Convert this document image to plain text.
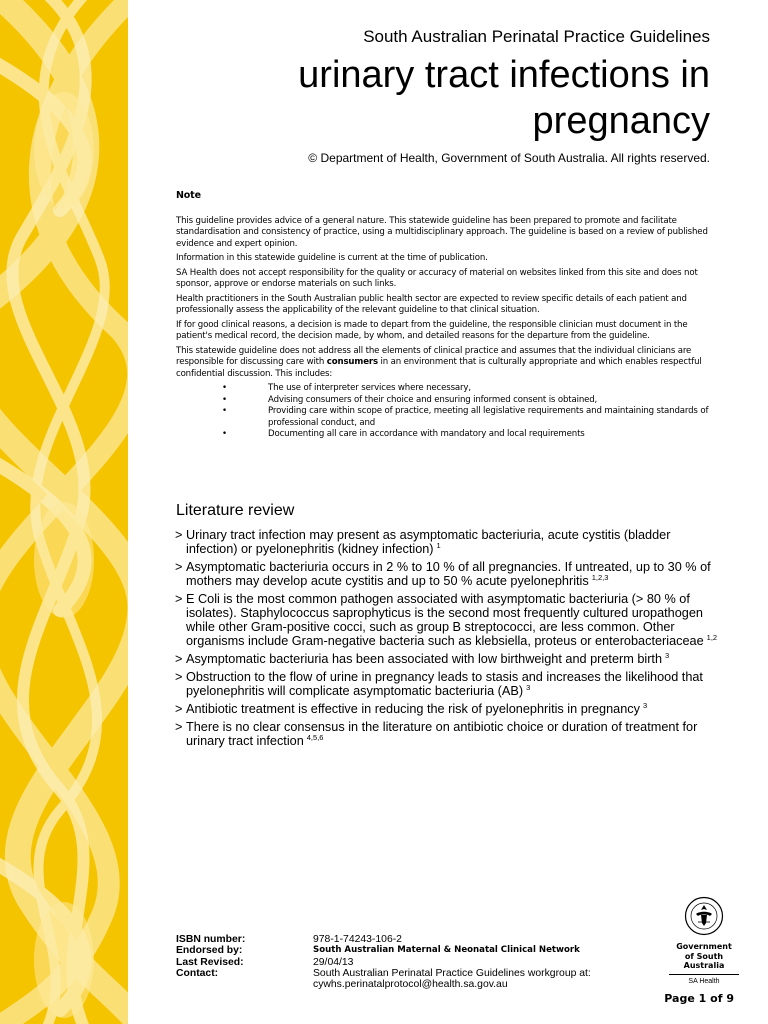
South Australian Perinatal Practice Guidelines
urinary tract infections in pregnancy
© Department of Health, Government of South Australia. All rights reserved.
Note

This guideline provides advice of a general nature. This statewide guideline has been prepared to promote and facilitate standardisation and consistency of practice, using a multidisciplinary approach. The guideline is based on a review of published evidence and expert opinion.

Information in this statewide guideline is current at the time of publication.

SA Health does not accept responsibility for the quality or accuracy of material on websites linked from this site and does not sponsor, approve or endorse materials on such links.

Health practitioners in the South Australian public health sector are expected to review specific details of each patient and professionally assess the applicability of the relevant guideline to that clinical situation.

If for good clinical reasons, a decision is made to depart from the guideline, the responsible clinician must document in the patient's medical record, the decision made, by whom, and detailed reasons for the departure from the guideline.

This statewide guideline does not address all the elements of clinical practice and assumes that the individual clinicians are responsible for discussing care with consumers in an environment that is culturally appropriate and which enables respectful confidential discussion. This includes:

•	The use of interpreter services where necessary,
•	Advising consumers of their choice and ensuring informed consent is obtained,
•	Providing care within scope of practice, meeting all legislative requirements and maintaining standards of professional conduct, and
•	Documenting all care in accordance with mandatory and local requirements
Literature review
> Urinary tract infection may present as asymptomatic bacteriuria, acute cystitis (bladder infection) or pyelonephritis (kidney infection) $^1$
> Asymptomatic bacteriuria occurs in 2 % to 10 % of all pregnancies. If untreated, up to 30 % of mothers may develop acute cystitis and up to 50 % acute pyelonephritis $^{1,2,3}$
> E Coli is the most common pathogen associated with asymptomatic bacteriuria (> 80 % of isolates). Staphylococcus saprophyticus is the second most frequently cultured uropathogen while other Gram-positive cocci, such as group B streptococci, are less common. Other organisms include Gram-negative bacteria such as klebsiella, proteus or enterobacteriaceae $^{1,2}$
> Asymptomatic bacteriuria has been associated with low birthweight and preterm birth $^3$
> Obstruction to the flow of urine in pregnancy leads to stasis and increases the likelihood that pyelonephritis will complicate asymptomatic bacteriuria (AB) $^3$
> Antibiotic treatment is effective in reducing the risk of pyelonephritis in pregnancy $^3$
> There is no clear consensus in the literature on antibiotic choice or duration of treatment for urinary tract infection $^{4,5,6}$
ISBN number:	978-1-74243-106-2
Endorsed by:	South Australian Maternal & Neonatal Clinical Network
Last Revised:	29/04/13
Contact:	South Australian Perinatal Practice Guidelines workgroup at:
cywhs.perinatalprotocol@health.sa.gov.au
Government
of South Australia
SA Health
Page 1 of 9
